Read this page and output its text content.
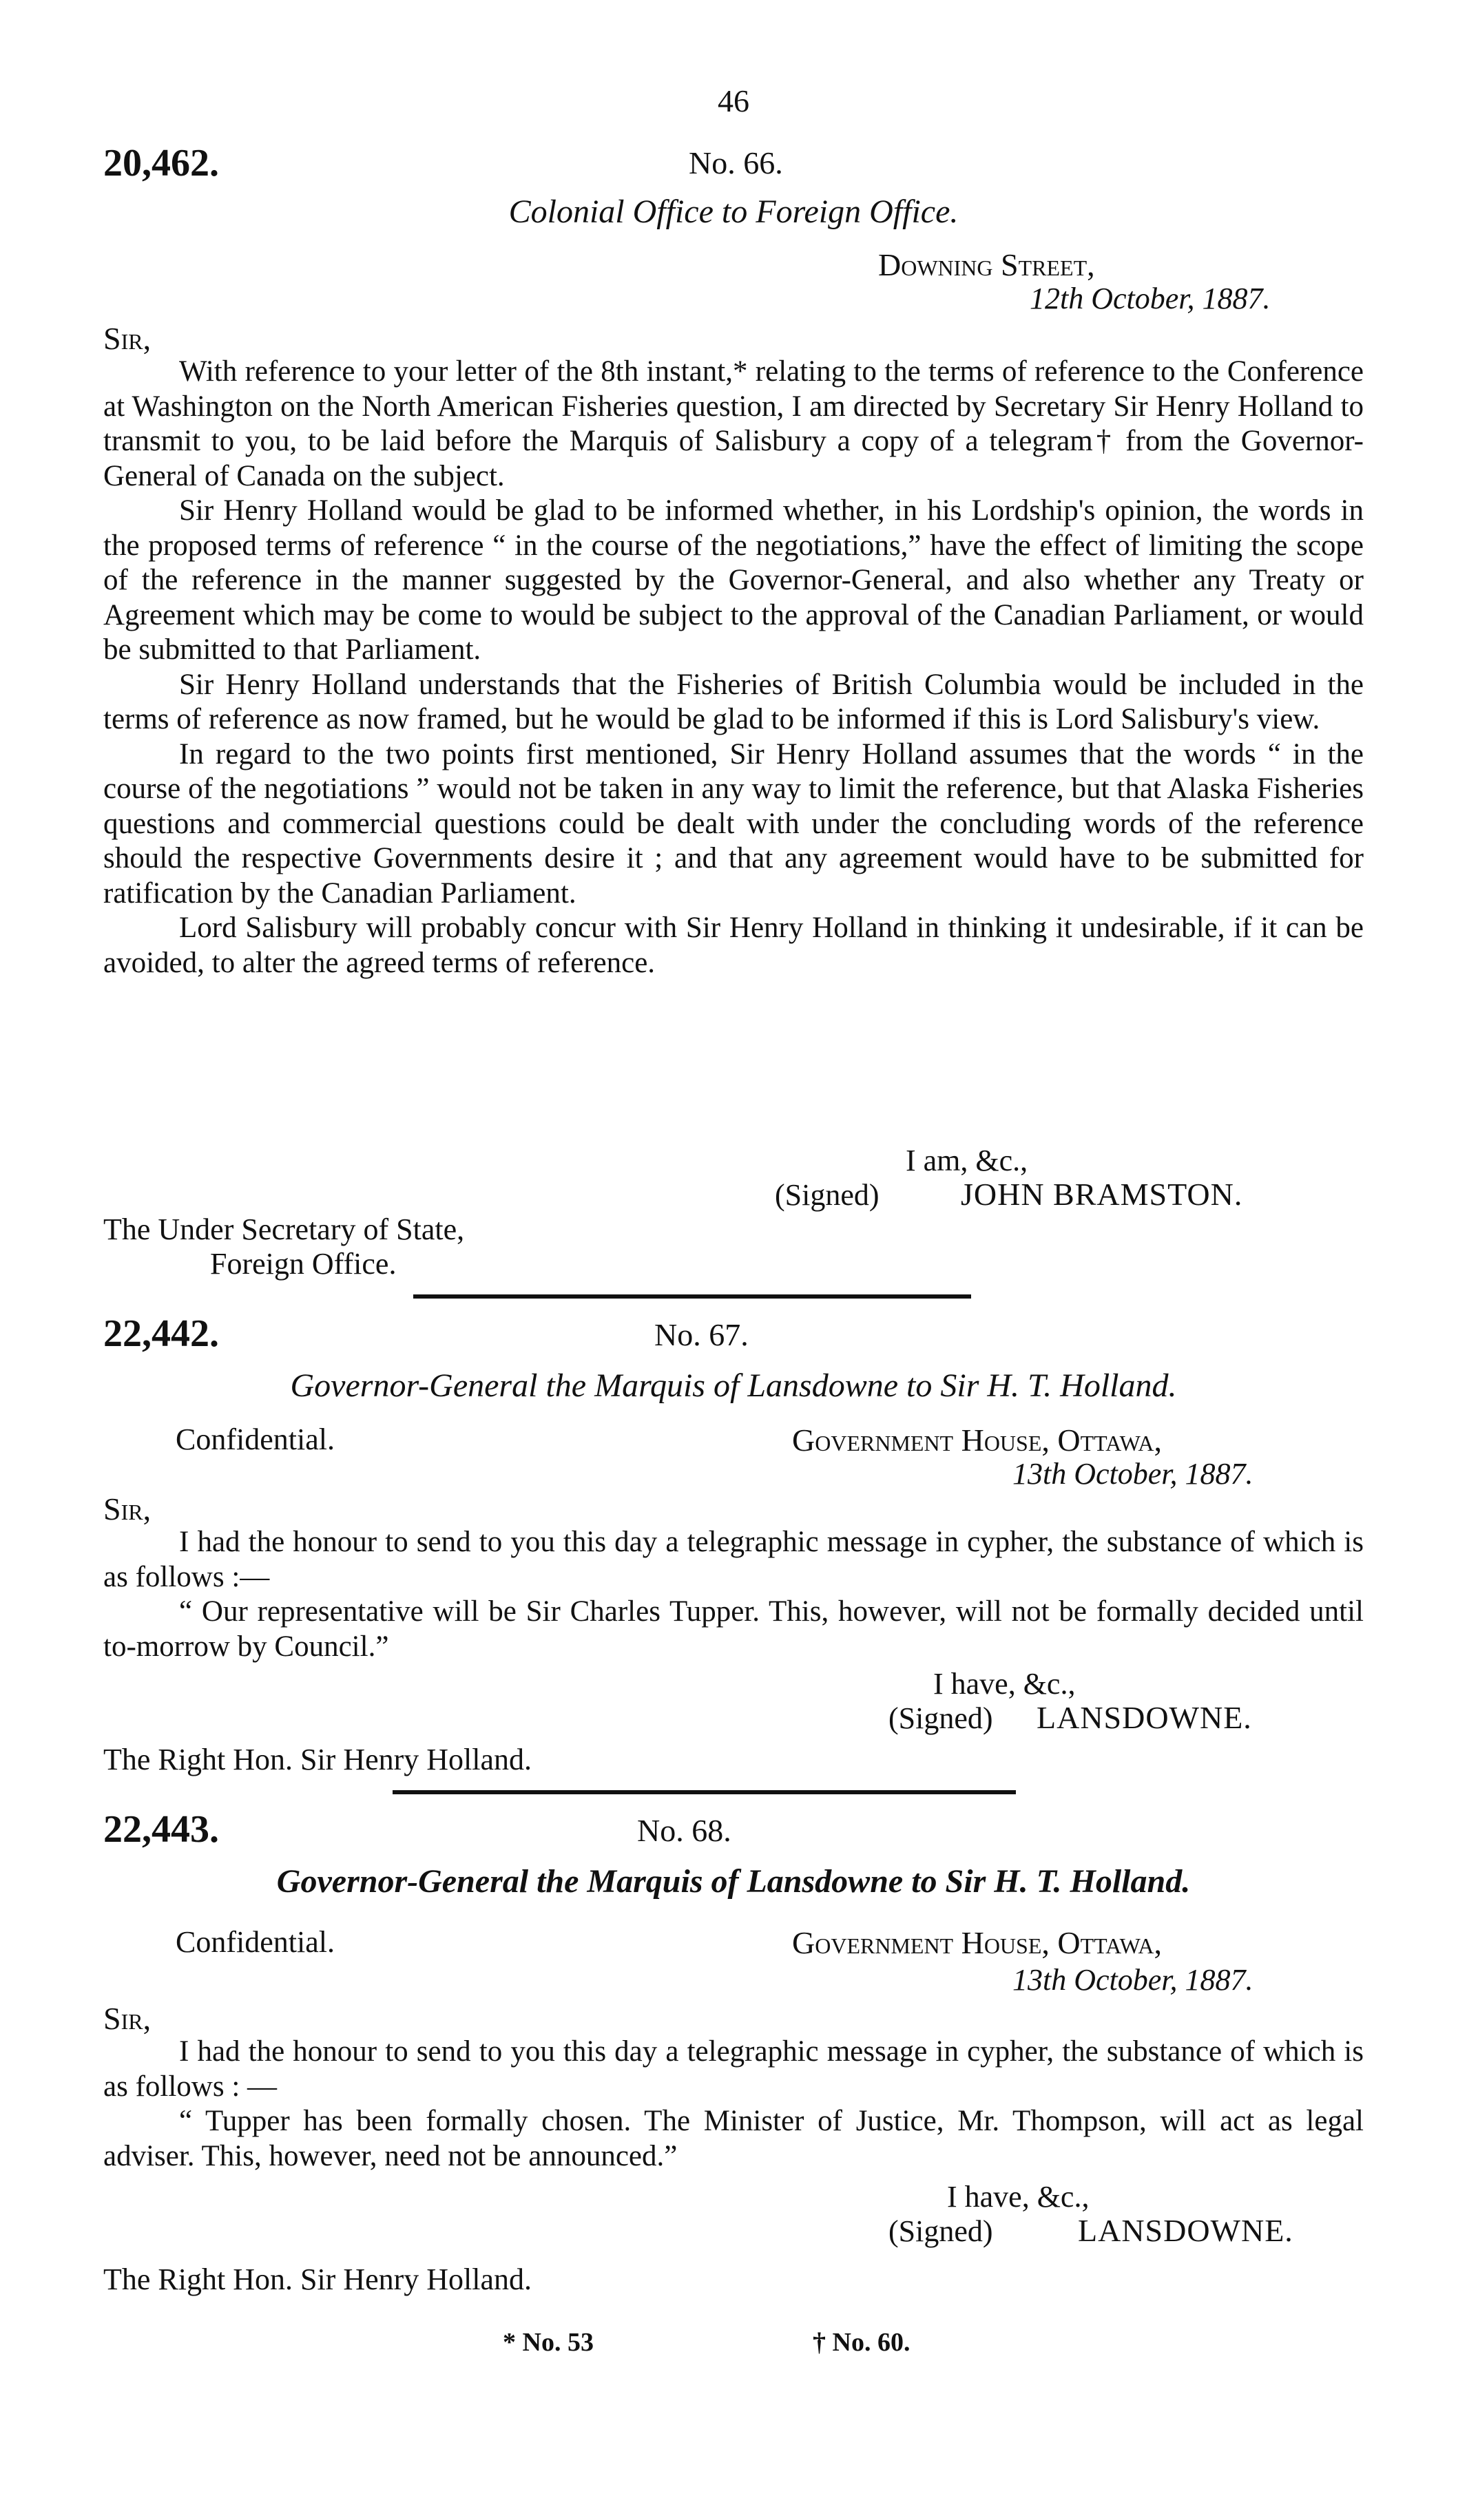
46
20,462.	No. 66.
Colonial Office to Foreign Office.
Downing Street,
12th October, 1887.
Sir,

With reference to your letter of the 8th instant,* relating to the terms of reference to the Conference at Washington on the North American Fisheries question, I am directed by Secretary Sir Henry Holland to transmit to you, to be laid before the Marquis of Salisbury a copy of a telegram† from the Governor-General of Canada on the subject.

Sir Henry Holland would be glad to be informed whether, in his Lordship's opinion, the words in the proposed terms of reference “ in the course of the negotiations,” have the effect of limiting the scope of the reference in the manner suggested by the Governor-General, and also whether any Treaty or Agreement which may be come to would be subject to the approval of the Canadian Parliament, or would be submitted to that Parliament.

Sir Henry Holland understands that the Fisheries of British Columbia would be included in the terms of reference as now framed, but he would be glad to be informed if this is Lord Salisbury's view.

In regard to the two points first mentioned, Sir Henry Holland assumes that the words “ in the course of the negotiations ” would not be taken in any way to limit the reference, but that Alaska Fisheries questions and commercial questions could be dealt with under the concluding words of the reference should the respective Governments desire it ; and that any agreement would have to be submitted for ratification by the Canadian Parliament.

Lord Salisbury will probably concur with Sir Henry Holland in thinking it undesirable, if it can be avoided, to alter the agreed terms of reference.

I am, &c.,
(Signed)	JOHN BRAMSTON.
The Under Secretary of State,
Foreign Office.
22,442.	No. 67.
Governor-General the Marquis of Lansdowne to Sir H. T. Holland.
Confidential.	Government House, Ottawa,
13th October, 1887.
Sir,

I had the honour to send to you this day a telegraphic message in cypher, the substance of which is as follows :—

“ Our representative will be Sir Charles Tupper. This, however, will not be formally decided until to-morrow by Council.”

I have, &c.,
(Signed) LANSDOWNE.
The Right Hon. Sir Henry Holland.
22,443.	No. 68.
Governor-General the Marquis of Lansdowne to Sir H. T. Holland.
Confidential.	Government House, Ottawa,
13th October, 1887.
Sir,

I had the honour to send to you this day a telegraphic message in cypher, the substance of which is as follows : —

“ Tupper has been formally chosen. The Minister of Justice, Mr. Thompson, will act as legal adviser. This, however, need not be announced.”

I have, &c.,
(Signed)	LANSDOWNE.
The Right Hon. Sir Henry Holland.
* No. 53	† No. 60.
